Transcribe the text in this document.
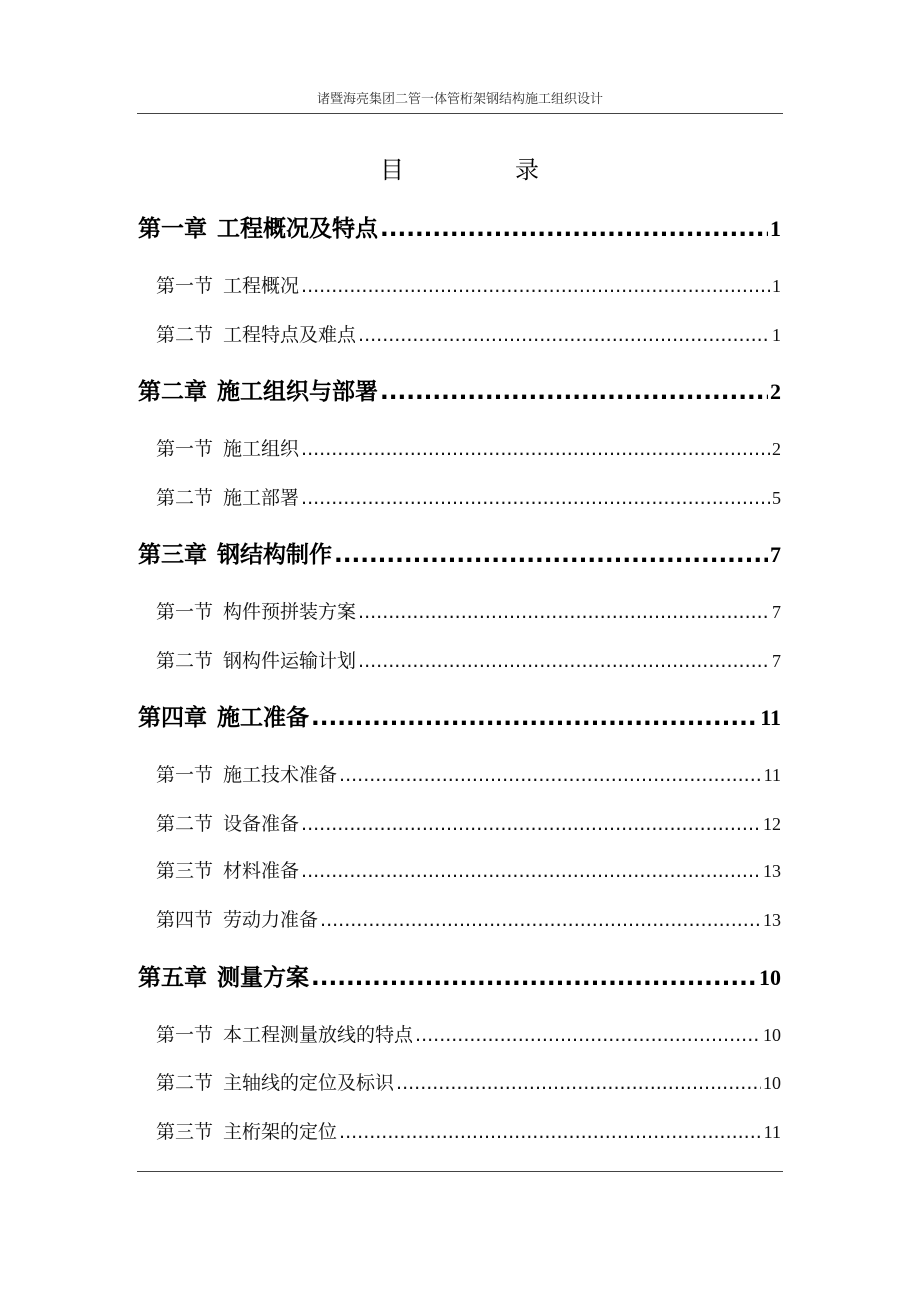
诸暨海亮集团二管一体管桁架钢结构施工组织设计
目	录
第一章 工程概况及特点 .....	1
第一节 工程概况 .....	1
第二节 工程特点及难点 .....	1
第二章 施工组织与部署 .....	2
第一节 施工组织 .....	2
第二节 施工部署 .....	5
第三章 钢结构制作 .....	7
第一节 构件预拼装方案 .....	7
第二节 钢构件运输计划 .....	7
第四章 施工准备 .....	11
第一节 施工技术准备 .....	11
第二节 设备准备 .....	12
第三节 材料准备 .....	13
第四节 劳动力准备 .....	13
第五章 测量方案 .....	10
第一节 本工程测量放线的特点 .....	10
第二节 主轴线的定位及标识 .....	10
第三节 主桁架的定位 .....	11
